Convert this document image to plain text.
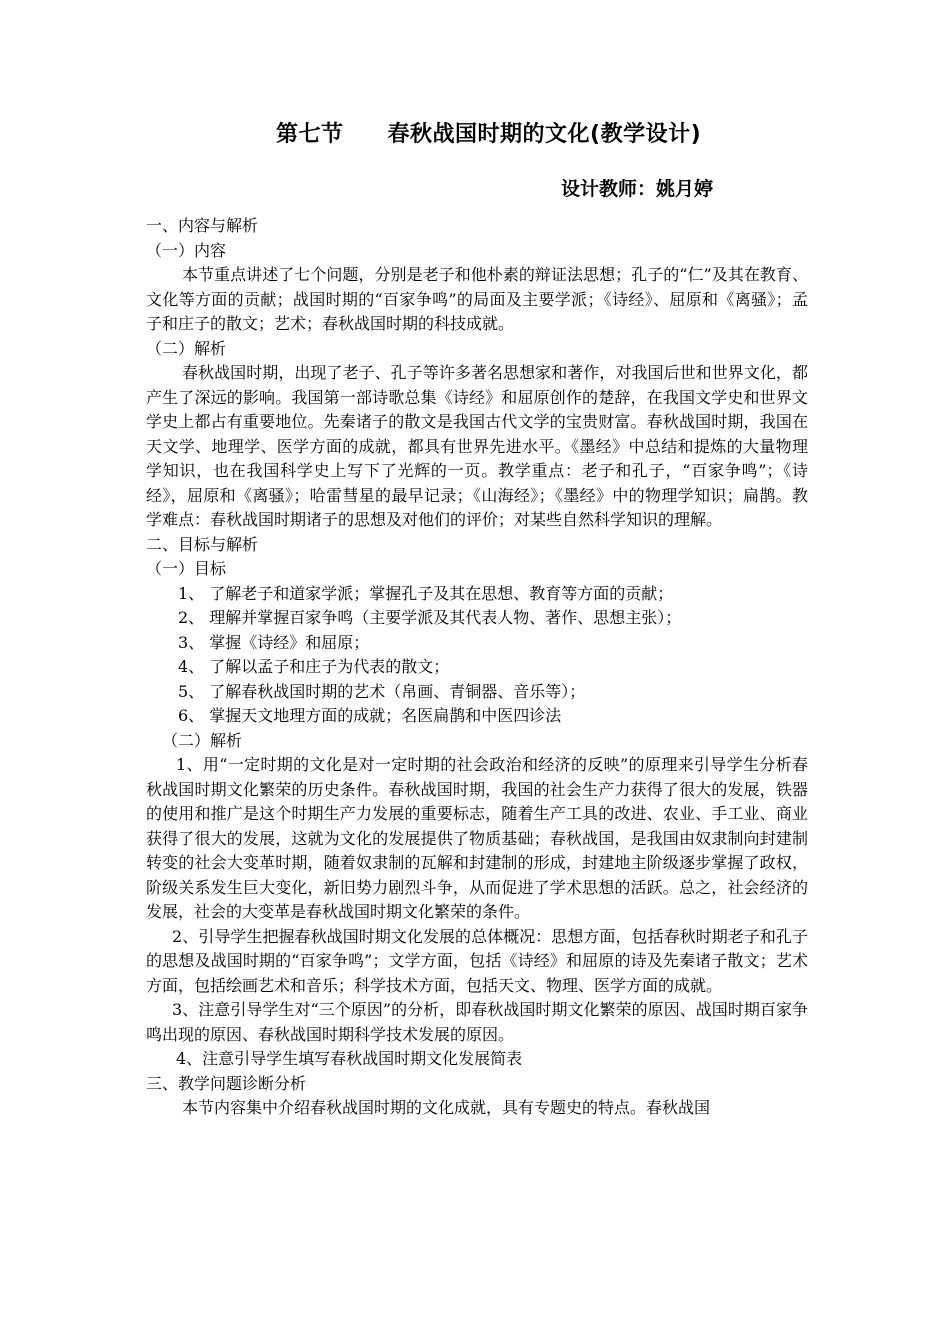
第七节 春秋战国时期的文化(教学设计)
设计教师：姚月婷

一、内容与解析

（一）内容

本节重点讲述了七个问题，分别是老子和他朴素的辩证法思想；孔子的“仁”及其在教育、文化等方面的贡献；战国时期的“百家争鸣”的局面及主要学派；《诗经》、屈原和《离骚》；孟子和庄子的散文；艺术；春秋战国时期的科技成就。

（二）解析

春秋战国时期，出现了老子、孔子等许多著名思想家和著作，对我国后世和世界文化，都产生了深远的影响。我国第一部诗歌总集《诗经》和屈原创作的楚辞，在我国文学史和世界文学史上都占有重要地位。先秦诸子的散文是我国古代文学的宝贵财富。春秋战国时期，我国在天文学、地理学、医学方面的成就，都具有世界先进水平。《墨经》中总结和提炼的大量物理学知识，也在我国科学史上写下了光辉的一页。教学重点：老子和孔子，“百家争鸣”；《诗经》，屈原和《离骚》；哈雷彗星的最早记录；《山海经》；《墨经》中的物理学知识；扁鹊。教学难点：春秋战国时期诸子的思想及对他们的评价；对某些自然科学知识的理解。

二、目标与解析

（一）目标

1、 了解老子和道家学派；掌握孔子及其在思想、教育等方面的贡献；

2、 理解并掌握百家争鸣（主要学派及其代表人物、著作、思想主张）；

3、 掌握《诗经》和屈原；

4、 了解以孟子和庄子为代表的散文；

5、 了解春秋战国时期的艺术（帛画、青铜器、音乐等）；

6、 掌握天文地理方面的成就；名医扁鹊和中医四诊法

（二）解析

1、用“一定时期的文化是对一定时期的社会政治和经济的反映”的原理来引导学生分析春秋战国时期文化繁荣的历史条件。春秋战国时期，我国的社会生产力获得了很大的发展，铁器的使用和推广是这个时期生产力发展的重要标志，随着生产工具的改进、农业、手工业、商业获得了很大的发展，这就为文化的发展提供了物质基础；春秋战国，是我国由奴隶制向封建制转变的社会大变革时期，随着奴隶制的瓦解和封建制的形成，封建地主阶级逐步掌握了政权，阶级关系发生巨大变化，新旧势力剧烈斗争，从而促进了学术思想的活跃。总之，社会经济的发展，社会的大变革是春秋战国时期文化繁荣的条件。

2、引导学生把握春秋战国时期文化发展的总体概况：思想方面，包括春秋时期老子和孔子的思想及战国时期的“百家争鸣”；文学方面，包括《诗经》和屈原的诗及先秦诸子散文；艺术方面，包括绘画艺术和音乐；科学技术方面，包括天文、物理、医学方面的成就。

3、注意引导学生对“三个原因”的分析，即春秋战国时期文化繁荣的原因、战国时期百家争鸣出现的原因、春秋战国时期科学技术发展的原因。

4、注意引导学生填写春秋战国时期文化发展简表

三、教学问题诊断分析

本节内容集中介绍春秋战国时期的文化成就，具有专题史的特点。春秋战国
